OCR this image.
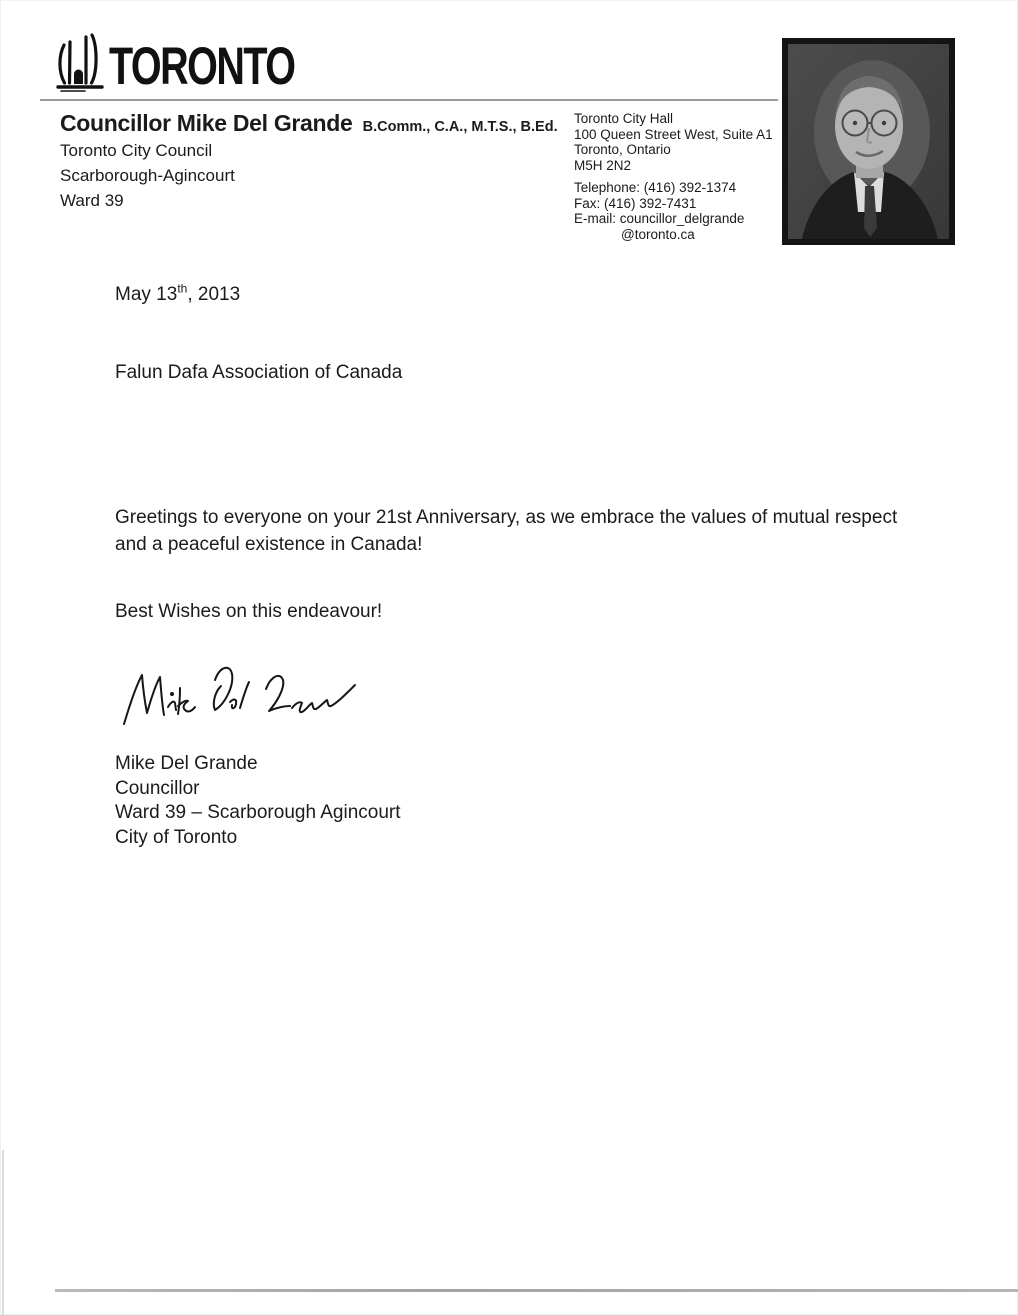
TORONTO
Councillor Mike Del Grande B.Comm., C.A., M.T.S., B.Ed.
Toronto City Council
Scarborough-Agincourt
Ward 39
Toronto City Hall
100 Queen Street West, Suite A1
Toronto, Ontario
M5H 2N2
Telephone: (416) 392-1374
Fax: (416) 392-7431
E-mail: councillor_delgrande
@toronto.ca

May 13th, 2013

Falun Dafa Association of Canada

Greetings to everyone on your 21st Anniversary, as we embrace the values of mutual respect and a peaceful existence in Canada!

Best Wishes on this endeavour!

Mike Del Grande
Councillor
Ward 39 – Scarborough Agincourt
City of Toronto
